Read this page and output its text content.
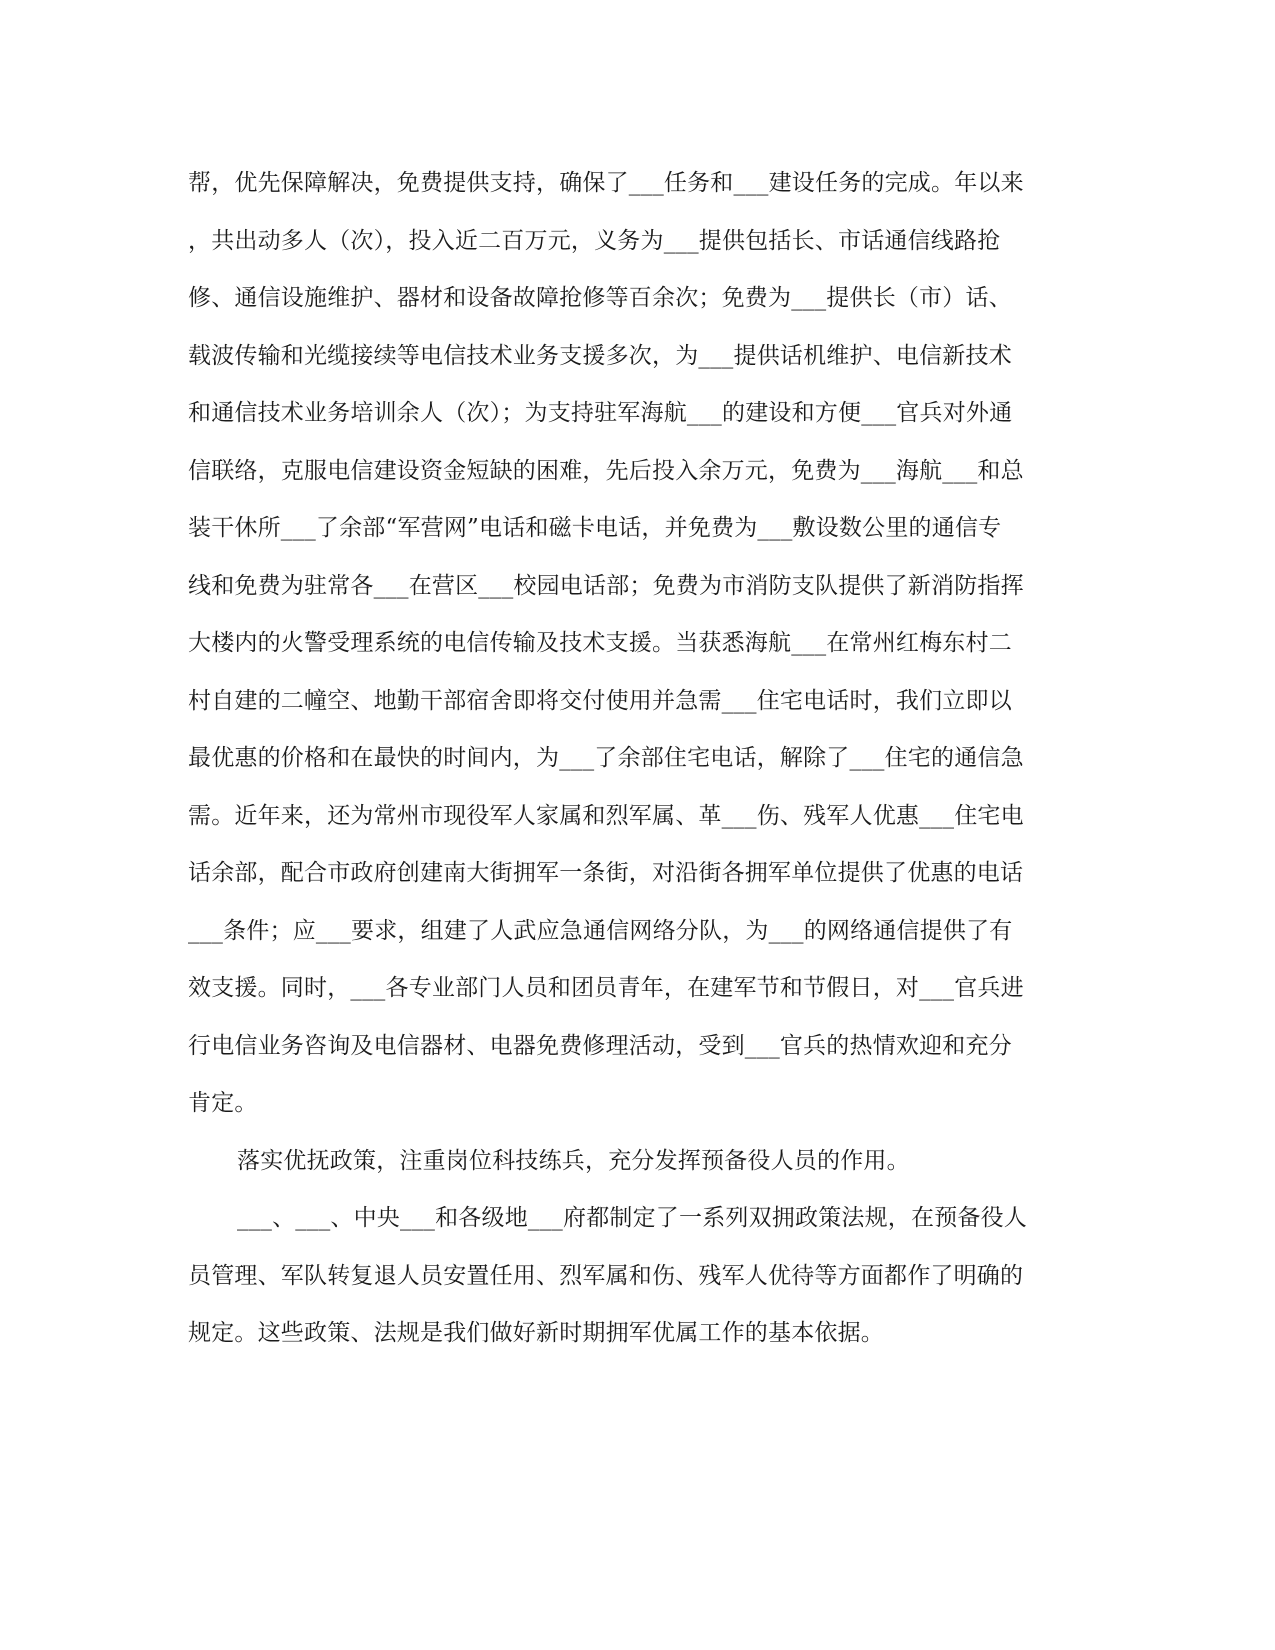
帮，优先保障解决，免费提供支持，确保了___任务和___建设任务的完成。年以来
，共出动多人（次），投入近二百万元，义务为___提供包括长、市话通信线路抢
修、通信设施维护、器材和设备故障抢修等百余次；免费为___提供长（市）话、
载波传输和光缆接续等电信技术业务支援多次，为___提供话机维护、电信新技术
和通信技术业务培训余人（次）；为支持驻军海航___的建设和方便___官兵对外通
信联络，克服电信建设资金短缺的困难，先后投入余万元，免费为___海航___和总
装干休所___了余部“军营网”电话和磁卡电话，并免费为___敷设数公里的通信专
线和免费为驻常各___在营区___校园电话部；免费为市消防支队提供了新消防指挥
大楼内的火警受理系统的电信传输及技术支援。当获悉海航___在常州红梅东村二
村自建的二幢空、地勤干部宿舍即将交付使用并急需___住宅电话时，我们立即以
最优惠的价格和在最快的时间内，为___了余部住宅电话，解除了___住宅的通信急
需。近年来，还为常州市现役军人家属和烈军属、革___伤、残军人优惠___住宅电
话余部，配合市政府创建南大街拥军一条街，对沿街各拥军单位提供了优惠的电话
___条件；应___要求，组建了人武应急通信网络分队，为___的网络通信提供了有
效支援。同时，___各专业部门人员和团员青年，在建军节和节假日，对___官兵进
行电信业务咨询及电信器材、电器免费修理活动，受到___官兵的热情欢迎和充分
肯定。
落实优抚政策，注重岗位科技练兵，充分发挥预备役人员的作用。
___、___、中央___和各级地___府都制定了一系列双拥政策法规，在预备役人
员管理、军队转复退人员安置任用、烈军属和伤、残军人优待等方面都作了明确的
规定。这些政策、法规是我们做好新时期拥军优属工作的基本依据。
